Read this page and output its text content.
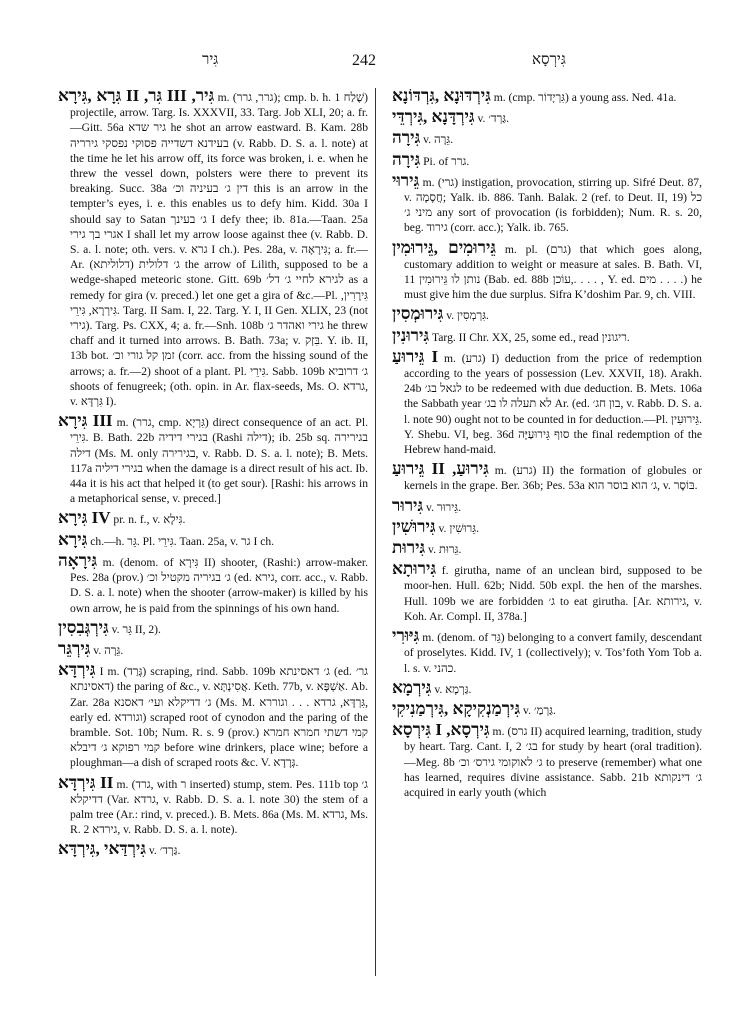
גִּיר	242	גִּירְסָא

גִּרָא ,גִּירָא II ,גִּר III ,גִּיר m. (גרר, גרר); cmp. b. h. שֶׁלַח 1) projectile, arrow. Targ. Is. XXXVII, 33. Targ. Job XLI, 20; a. fr.—Gitt. 56a גיר שדא he shot an arrow eastward. B. Kam. 28b בעידנא דשדייה פסוקי נפסקי גירריה (v. Rabb. D. S. a. l. note) at the time he let his arrow off, its force was broken, i. e. when he threw the vessel down, polsters were there to prevent its breaking. Succ. 38a דין ג׳ בעיניה וכ׳ this is an arrow in the tempter’s eyes, i. e. this enables us to defy him. Kidd. 30a I should say to Satan ג׳ בעינך I defy thee; ib. 81a.—Taan. 25a אגרי בך גירי I shall let my arrow loose against thee (v. Rabb. D. S. a. l. note; oth. vers. v. גרא I ch.). Pes. 28a, v. גִּירָאָה; a. fr.—Ar. (דלוליתא) ג׳ דלולית the arrow of Lilith, supposed to be a wedge-shaped meteoric stone. Gitt. 69b לגירא לחיי ג׳ דל׳ as a remedy for gira (v. preced.) let one get a gira of &c.—Pl. גִּירָרִין, גִּירְרָא, גִּירֵי. Targ. II Sam. I, 22. Targ. Y. I, II Gen. XLIX, 23 (not גירי). Targ. Ps. CXX, 4; a. fr.—Snh. 108b גירי ואהדר ג׳ he threw chaff and it turned into arrows. B. Bath. 73a; v. בִּזְק. Y. ib. II, 13b bot. זמן קל גורי וכ׳ (corr. acc. from the hissing sound of the arrows; a. fr.—2) shoot of a plant. Pl. גִּירֵי. Sabb. 109b ג׳ דרוביא shoots of fenugreek; (oth. opin. in Ar. flax-seeds, Ms. O. גרדא, v. גִּרְדָּא I).

גִּירָא III m. (גרר, cmp. גִּרְיָא) direct consequence of an act. Pl. גִּירֵי. B. Bath. 22b בגירי דידיה (Rashi דילה); ib. 25b sq. בגירירה דילה (Ms. M. only בגירירה, v. Rabb. D. S. a. l. note); B. Mets. 117a בגירי דיליה when the damage is a direct result of his act. Ib. 44a it is his act that helped it (to get sour). [Rashi: his arrows in a metaphorical sense, v. preced.]

גִּירָא IV pr. n. f., v. גִּילָא.

גִּירָא ch.—h. גֵּר. Pl. גִּירֵי. Taan. 25a, v. גר I ch.

גִּירָאָה m. (denom. of גִּירָא II) shooter, (Rashi:) arrow-maker. Pes. 28a (prov.) ג׳ בגיריה מקטיל וכ׳ (ed. גירא, corr. acc., v. Rabb. D. S. a. l. note) when the shooter (arrow-maker) is killed by his own arrow, he is paid from the spinnings of his own hand.

גִּירְגְּבִסִין v. גֵּר II, 2).

גִּירְגֵּר v. גֵּרָה.

גִּירְדָּא I m. (גָּרַד) scraping, rind. Sabb. 109b ג׳ דאסינתא (ed. גר׳ דאסינתא) the paring of &c., v. אֲסִינְתָּא. Keth. 77b, v. אַשְׁפָּא. Ab. Zar. 28a ג׳ דדיקלא ועי׳ דאסנא (Ms. M. גִּרְדָּא, גרדא . . . וגוררא, early ed. וגורדא) scraped root of cynodon and the paring of the bramble. Sot. 10b; Num. R. s. 9 (prov.) קמי דשתי חמרא חמרא קמי רפוקא ג׳ דיבלא before wine drinkers, place wine; before a ploughman—a dish of scraped roots &c. V. גְּרָדָא.

גִּירְדָּא II m. (גרד, with ר inserted) stump, stem. Pes. 111b top ג׳ דדיקלא (Var. גרדא, v. Rabb. D. S. a. l. note 30) the stem of a palm tree (Ar.: rind, v. preced.). B. Mets. 86a (Ms. M. גרדא, Ms. R. 2 גירדא, v. Rabb. D. S. a. l. note).

גִּירְדַּאי ,גִּירְדָּא v. גַּרְד׳.

גִּירְדּוּנָא ,גִּרְדּוֹנָא m. (cmp. גִּרְיָדוֹר) a young ass. Ned. 41a.

גִּירְדָּנָא ,גִּירְדֵּי v. גַּרְד׳.

גִּירָה v. גֵּרָה.

גִּירָה Pi. of גרר.

גֵּירוּי m. (גרי) instigation, provocation, stirring up. Sifré Deut. 87, v. חֲסָמָה; Yalk. ib. 886. Tanh. Balak. 2 (ref. to Deut. II, 19) כל מיני ג׳ any sort of provocation (is forbidden); Num. R. s. 20, beg. גירוד (corr. acc.); Yalk. ib. 765.

גֵּירוּמִים ,גֵּירוּמִין m. pl. (גרם) that which goes along, customary addition to weight or measure at sales. B. Bath. VI, 11 נותן לו גֵּירוּמִין (Bab. ed. 88b עוֹכן,. . . . , Y. ed. מים . . . .) he must give him the due surplus. Sifra K’doshim Par. 9, ch. VIII.

גִּירוּמְסִין v. גִּרְמְסִין.

גִּירוּנִין Targ. II Chr. XX, 25, some ed., read ריגונין.

גֵּירוּעַ I m. (גרע) I) deduction from the price of redemption according to the years of possession (Lev. XXVII, 18). Arakh. 24b לגאל בג׳ to be redeemed with due deduction. B. Mets. 106a the Sabbath year לא תעלה לו בג׳ Ar. (ed. בון חג׳, v. Rabb. D. S. a. l. note 90) ought not to be counted in for deduction.—Pl. גֵּירוּעִין. Y. Shebu. VI, beg. 36d סוף גֵּירוּעַיָּה the final redemption of the Hebrew hand-maid.

גֵּירוּעַ II ,גִּירוּעַ m. (גרע) II) the formation of globules or kernels in the grape. Ber. 36b; Pes. 53a ג׳ הוא בוסר הוא, v. בּוֹסֶר.

גִּירוּר v. גֵּירוּר.

גִּירוּשִׁין v. גֵּרוּשִׁין.

גִּירוּת v. גֵּרוּת.

גִּירוּתָא f. girutha, name of an unclean bird, supposed to be moor-hen. Hull. 62b; Nidd. 50b expl. the hen of the marshes. Hull. 109b we are forbidden ג׳ to eat girutha. [Ar. גירותא, v. Koh. Ar. Compl. II, 378a.]

גִּיּוּרִי m. (denom. of גֵּר) belonging to a convert family, descendant of proselytes. Kidd. IV, 1 (collectively); v. Tos’foth Yom Tob a. l. s. v. כהני.

גִּירְמָא v. גַּרְמָא.

גִּירְמַנְקִיקָא ,גִּירְמַנִיקִי v. גַּרְמַ׳.

גִּירְסָא I ,גִּירְסָא m. (גרס II) acquired learning, tradition, study by heart. Targ. Cant. I, 2 בג׳ for study by heart (oral tradition).—Meg. 8b ג׳ לאוקומי גירס׳ וכ׳ to preserve (remember) what one has learned, requires divine assistance. Sabb. 21b ג׳ דינקותא acquired in early youth (which
